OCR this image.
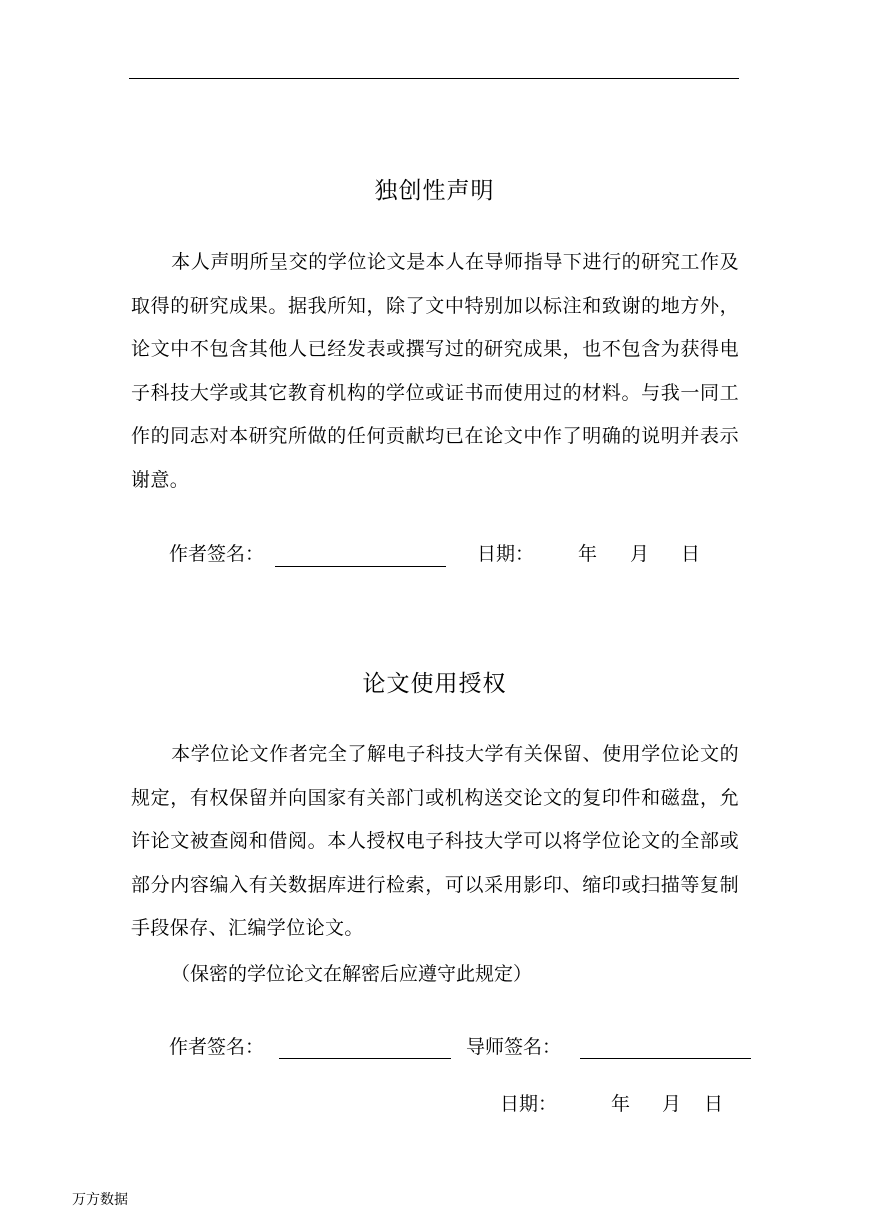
独创性声明
本人声明所呈交的学位论文是本人在导师指导下进行的研究工作及取得的研究成果。据我所知，除了文中特别加以标注和致谢的地方外，论文中不包含其他人已经发表或撰写过的研究成果，也不包含为获得电子科技大学或其它教育机构的学位或证书而使用过的材料。与我一同工作的同志对本研究所做的任何贡献均已在论文中作了明确的说明并表示谢意。
作者签名：	日期： 年 月 日
论文使用授权
本学位论文作者完全了解电子科技大学有关保留、使用学位论文的规定，有权保留并向国家有关部门或机构送交论文的复印件和磁盘，允许论文被查阅和借阅。本人授权电子科技大学可以将学位论文的全部或部分内容编入有关数据库进行检索，可以采用影印、缩印或扫描等复制手段保存、汇编学位论文。
（保密的学位论文在解密后应遵守此规定）
作者签名：	导师签名：
日期：	年 月 日
万方数据
